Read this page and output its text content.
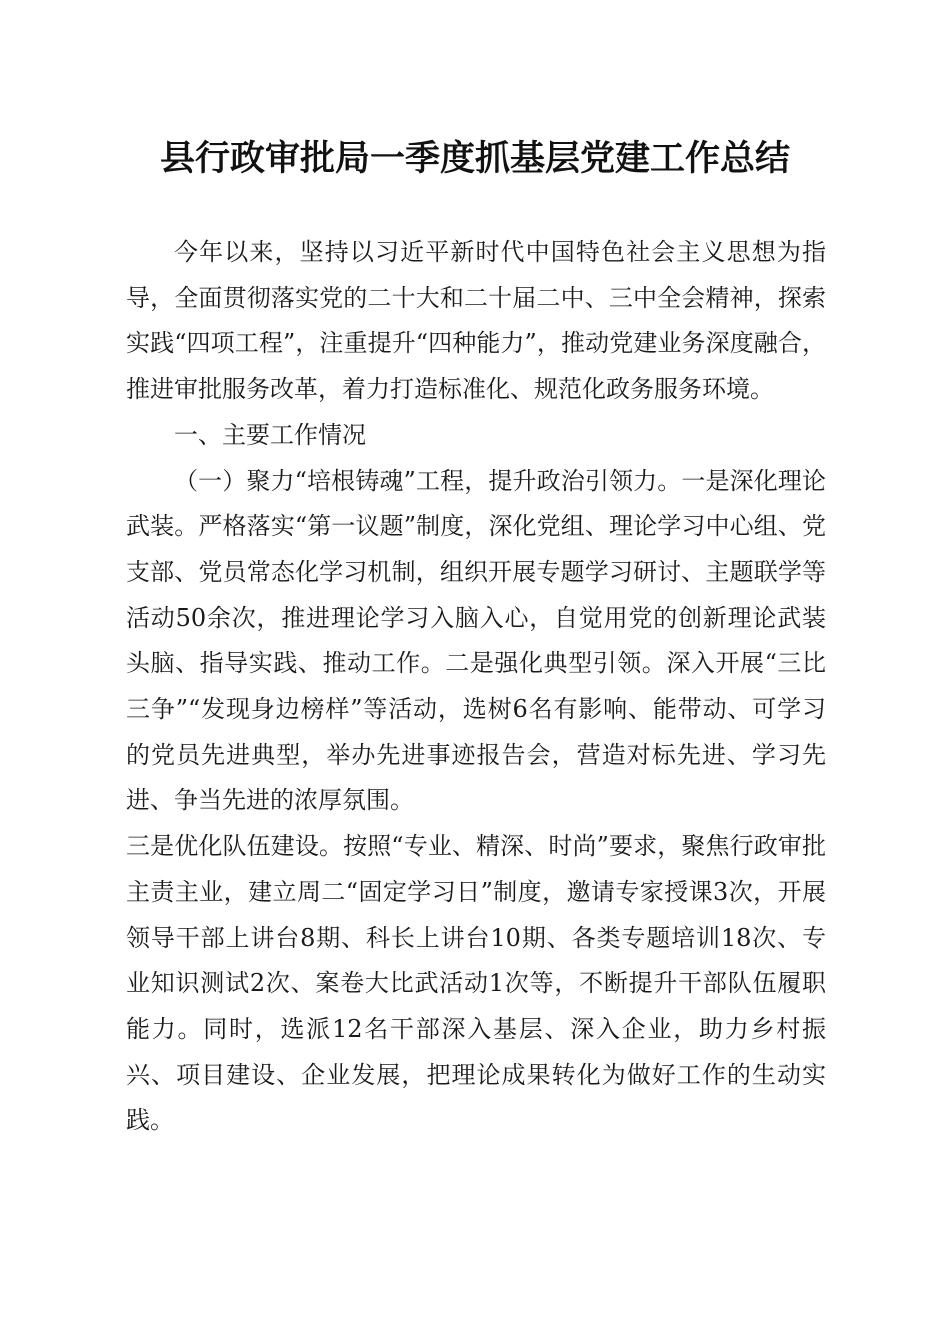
县行政审批局一季度抓基层党建工作总结

今年以来，坚持以习近平新时代中国特色社会主义思想为指导，全面贯彻落实党的二十大和二十届二中、三中全会精神，探索实践“四项工程”，注重提升“四种能力”，推动党建业务深度融合，推进审批服务改革，着力打造标准化、规范化政务服务环境。

一、主要工作情况

（一）聚力“培根铸魂”工程，提升政治引领力。一是深化理论武装。严格落实“第一议题”制度，深化党组、理论学习中心组、党支部、党员常态化学习机制，组织开展专题学习研讨、主题联学等活动50余次，推进理论学习入脑入心，自觉用党的创新理论武装头脑、指导实践、推动工作。二是强化典型引领。深入开展“三比三争”“发现身边榜样”等活动，选树6名有影响、能带动、可学习的党员先进典型，举办先进事迹报告会，营造对标先进、学习先进、争当先进的浓厚氛围。

三是优化队伍建设。按照“专业、精深、时尚”要求，聚焦行政审批主责主业，建立周二“固定学习日”制度，邀请专家授课3次，开展领导干部上讲台8期、科长上讲台10期、各类专题培训18次、专业知识测试2次、案卷大比武活动1次等，不断提升干部队伍履职能力。同时，选派12名干部深入基层、深入企业，助力乡村振兴、项目建设、企业发展，把理论成果转化为做好工作的生动实践。
